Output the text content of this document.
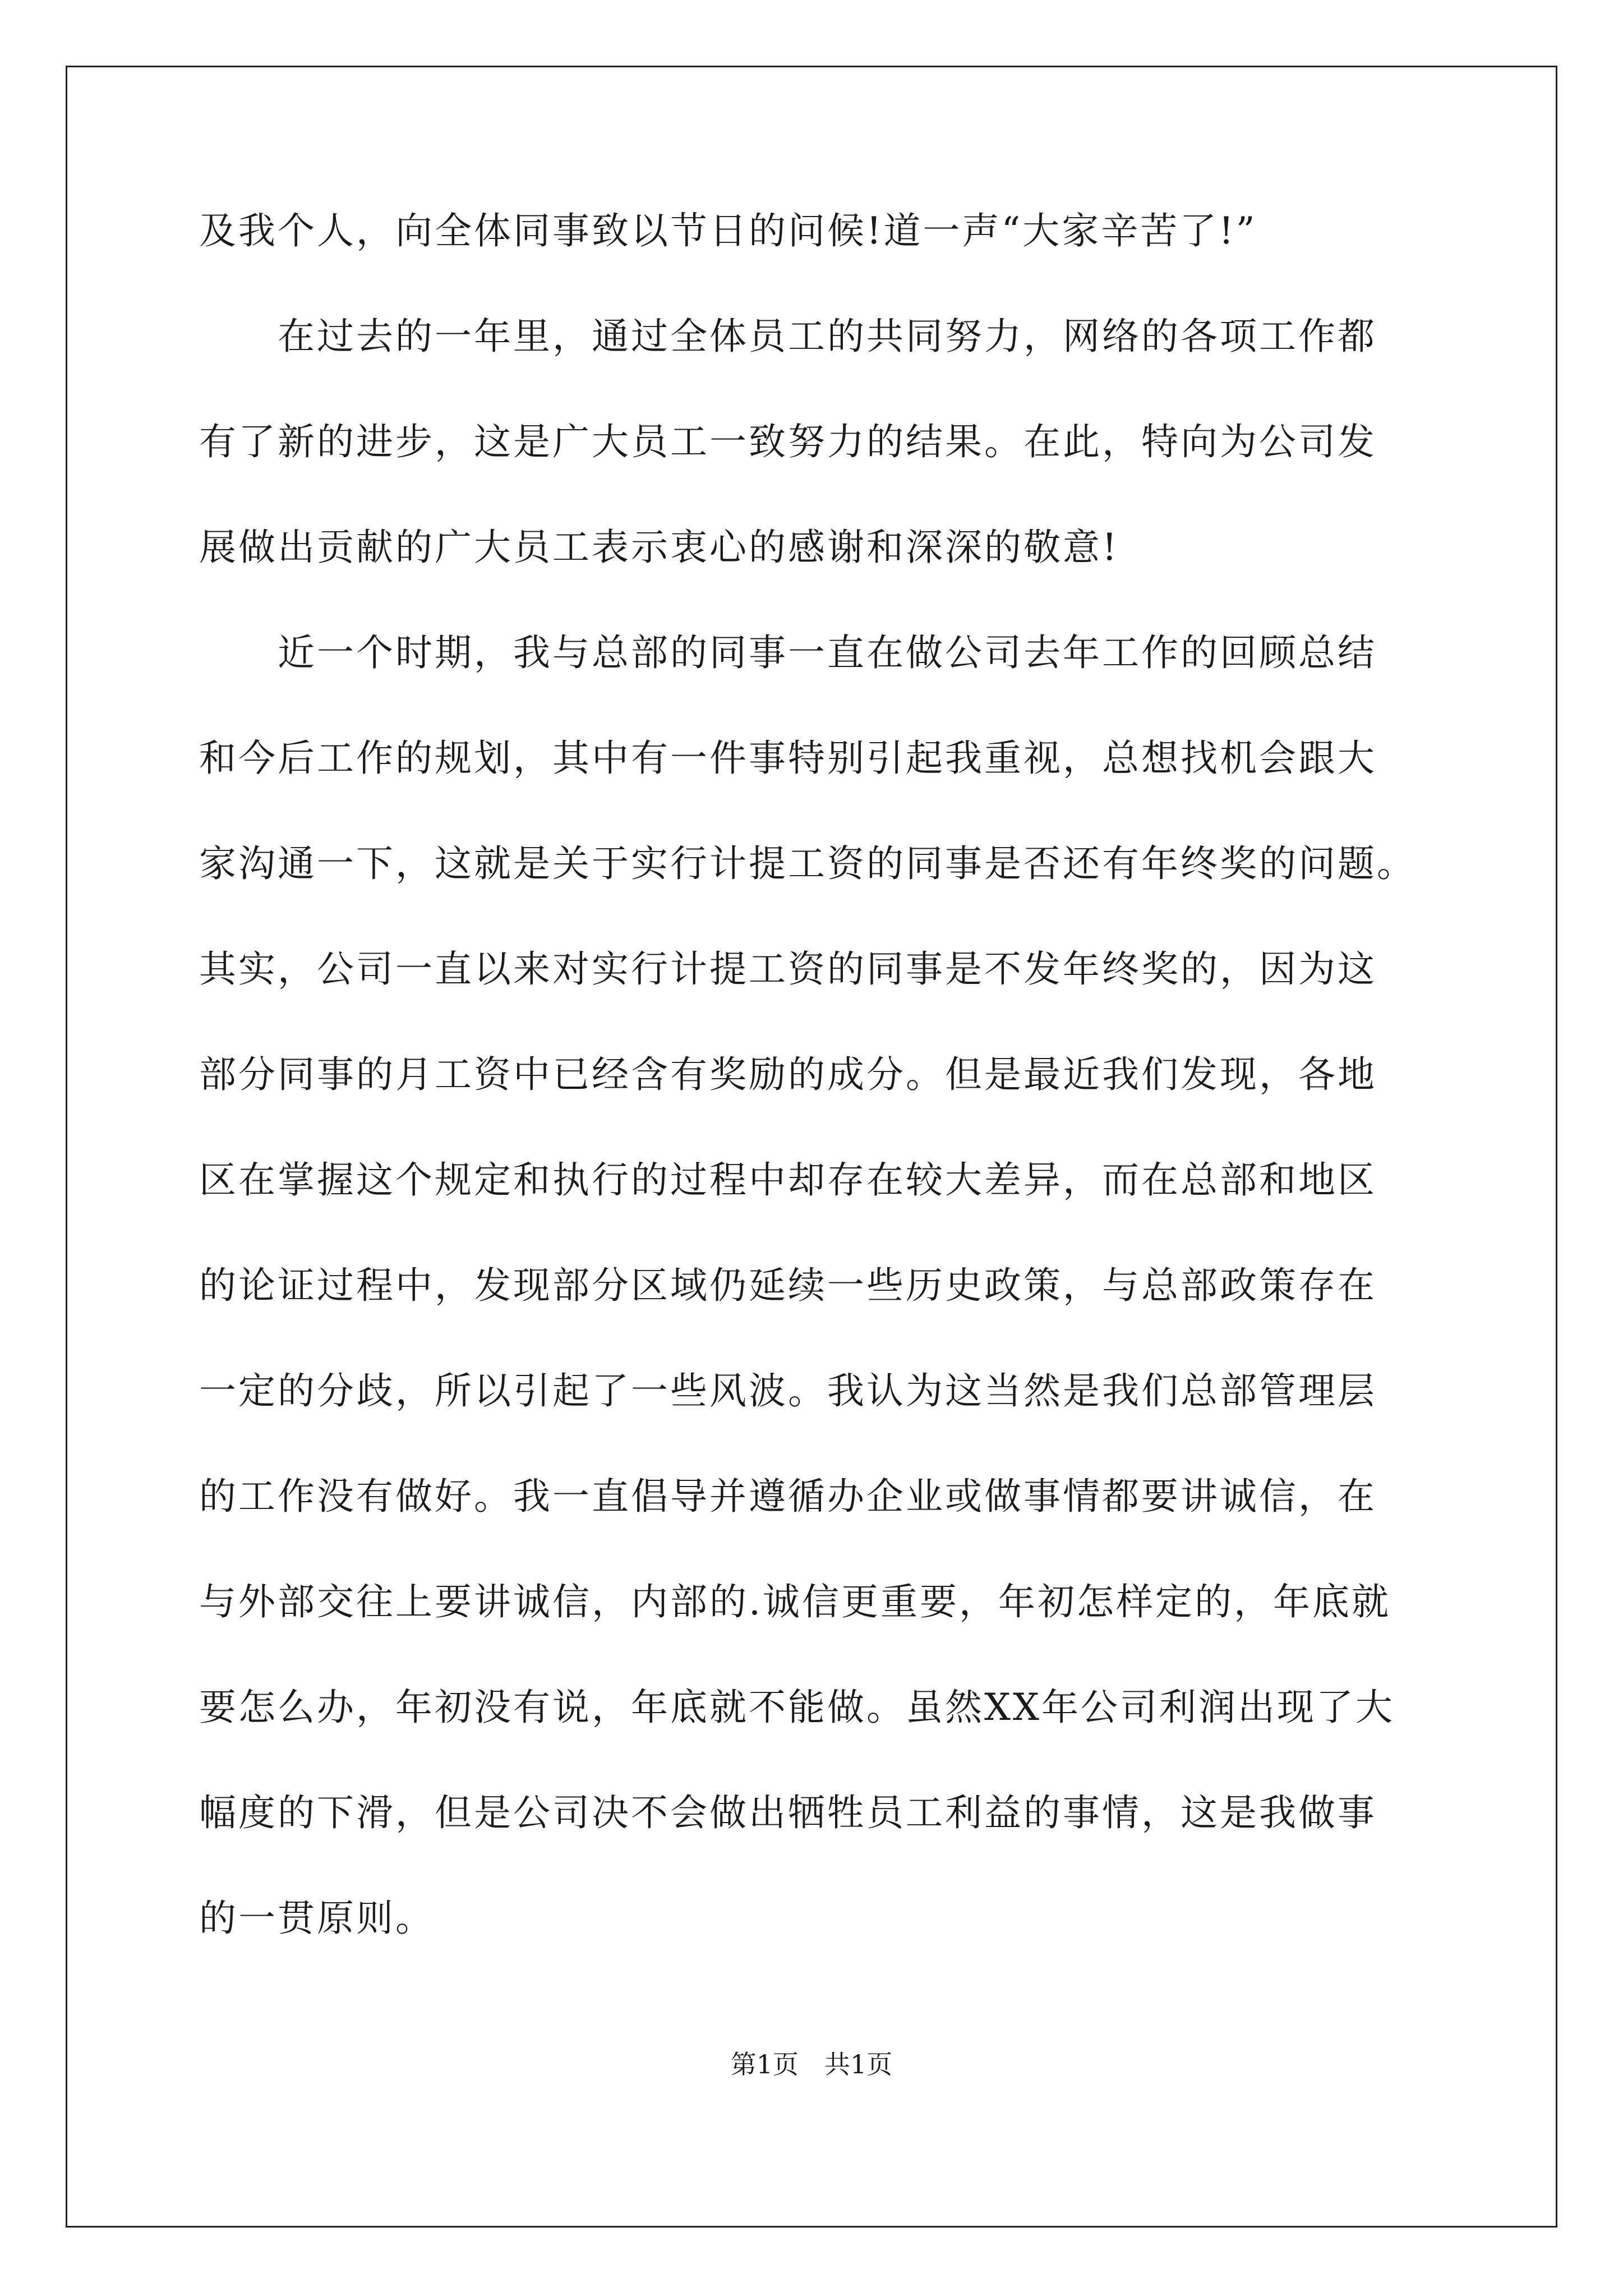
及我个人，向全体同事致以节日的问候!道一声“大家辛苦了!”

　　在过去的一年里，通过全体员工的共同努力，网络的各项工作都

有了新的进步，这是广大员工一致努力的结果。在此，特向为公司发

展做出贡献的广大员工表示衷心的感谢和深深的敬意!

　　近一个时期，我与总部的同事一直在做公司去年工作的回顾总结

和今后工作的规划，其中有一件事特别引起我重视，总想找机会跟大

家沟通一下，这就是关于实行计提工资的同事是否还有年终奖的问题。

其实，公司一直以来对实行计提工资的同事是不发年终奖的，因为这

部分同事的月工资中已经含有奖励的成分。但是最近我们发现，各地

区在掌握这个规定和执行的过程中却存在较大差异，而在总部和地区

的论证过程中，发现部分区域仍延续一些历史政策，与总部政策存在

一定的分歧，所以引起了一些风波。我认为这当然是我们总部管理层

的工作没有做好。我一直倡导并遵循办企业或做事情都要讲诚信，在

与外部交往上要讲诚信，内部的.诚信更重要，年初怎样定的，年底就

要怎么办，年初没有说，年底就不能做。虽然XX年公司利润出现了大

幅度的下滑，但是公司决不会做出牺牲员工利益的事情，这是我做事

的一贯原则。

第1页　共1页
